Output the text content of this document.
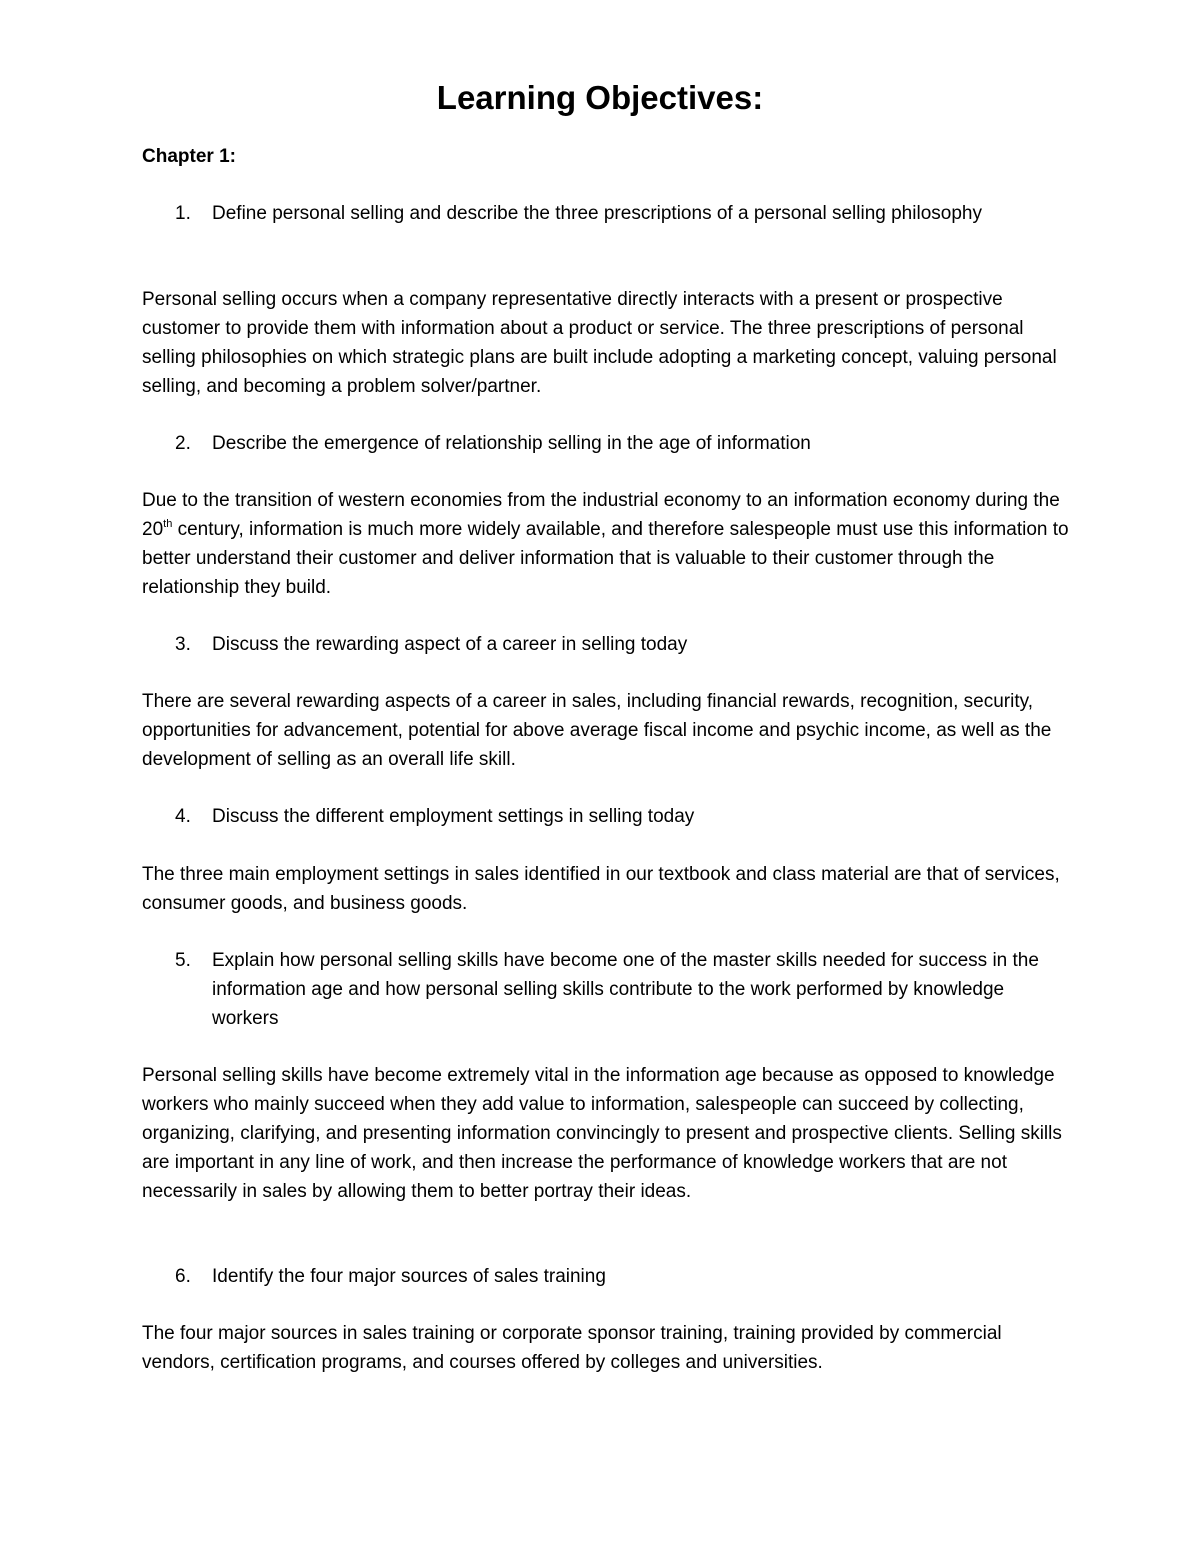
Learning Objectives:
Chapter 1:
1. Define personal selling and describe the three prescriptions of a personal selling philosophy
Personal selling occurs when a company representative directly interacts with a present or prospective customer to provide them with information about a product or service. The three prescriptions of personal selling philosophies on which strategic plans are built include adopting a marketing concept, valuing personal selling, and becoming a problem solver/partner.
2. Describe the emergence of relationship selling in the age of information
Due to the transition of western economies from the industrial economy to an information economy during the 20th century, information is much more widely available, and therefore salespeople must use this information to better understand their customer and deliver information that is valuable to their customer through the relationship they build.
3. Discuss the rewarding aspect of a career in selling today
There are several rewarding aspects of a career in sales, including financial rewards, recognition, security, opportunities for advancement, potential for above average fiscal income and psychic income, as well as the development of selling as an overall life skill.
4. Discuss the different employment settings in selling today
The three main employment settings in sales identified in our textbook and class material are that of services, consumer goods, and business goods.
5. Explain how personal selling skills have become one of the master skills needed for success in the information age and how personal selling skills contribute to the work performed by knowledge workers
Personal selling skills have become extremely vital in the information age because as opposed to knowledge workers who mainly succeed when they add value to information, salespeople can succeed by collecting, organizing, clarifying, and presenting information convincingly to present and prospective clients. Selling skills are important in any line of work, and then increase the performance of knowledge workers that are not necessarily in sales by allowing them to better portray their ideas.
6. Identify the four major sources of sales training
The four major sources in sales training or corporate sponsor training, training provided by commercial vendors, certification programs, and courses offered by colleges and universities.
